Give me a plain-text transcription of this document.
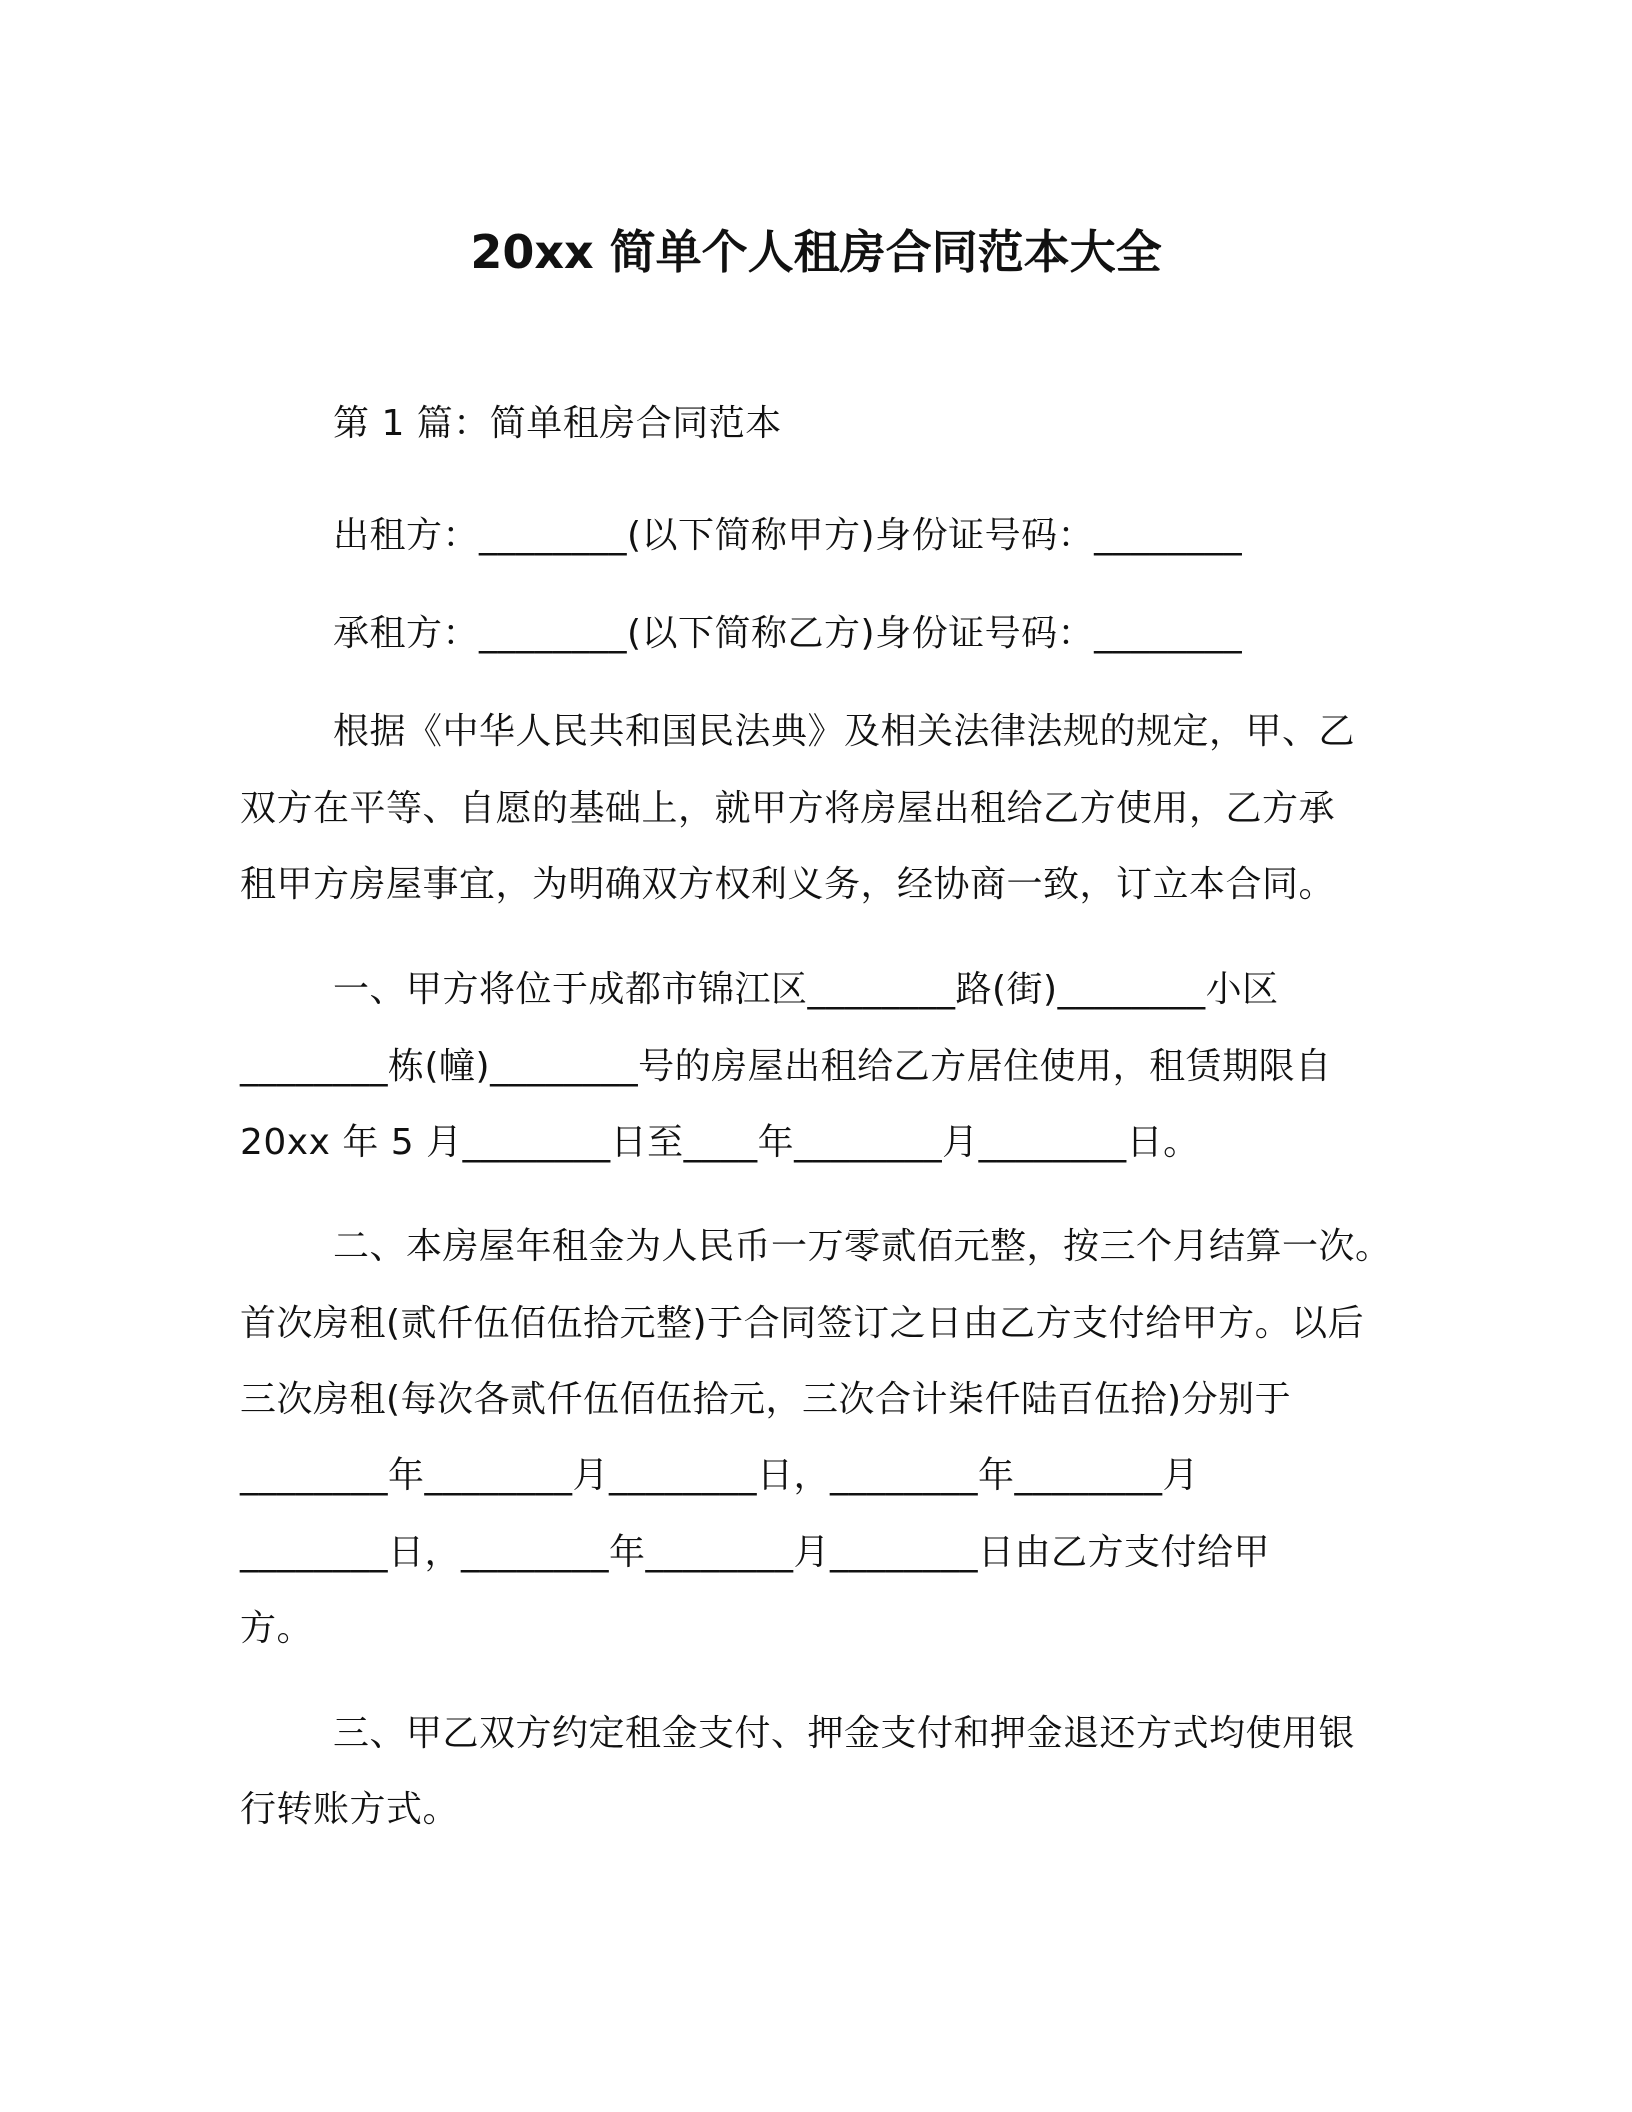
20xx 简单个人租房合同范本大全
第 1 篇：简单租房合同范本
出租方：________(以下简称甲方)身份证号码：________
承租方：________(以下简称乙方)身份证号码：________
根据《中华人民共和国民法典》及相关法律法规的规定，甲、乙
双方在平等、自愿的基础上，就甲方将房屋出租给乙方使用，乙方承
租甲方房屋事宜，为明确双方权利义务，经协商一致，订立本合同。
一、甲方将位于成都市锦江区________路(街)________小区
________栋(幢)________号的房屋出租给乙方居住使用，租赁期限自
20xx 年 5 月________日至____年________月________日。
二、本房屋年租金为人民币一万零贰佰元整，按三个月结算一次。
首次房租(贰仟伍佰伍拾元整)于合同签订之日由乙方支付给甲方。以后
三次房租(每次各贰仟伍佰伍拾元，三次合计柒仟陆百伍拾)分别于
________年________月________日，________年________月
________日，________年________月________日由乙方支付给甲
方。
三、甲乙双方约定租金支付、押金支付和押金退还方式均使用银
行转账方式。
